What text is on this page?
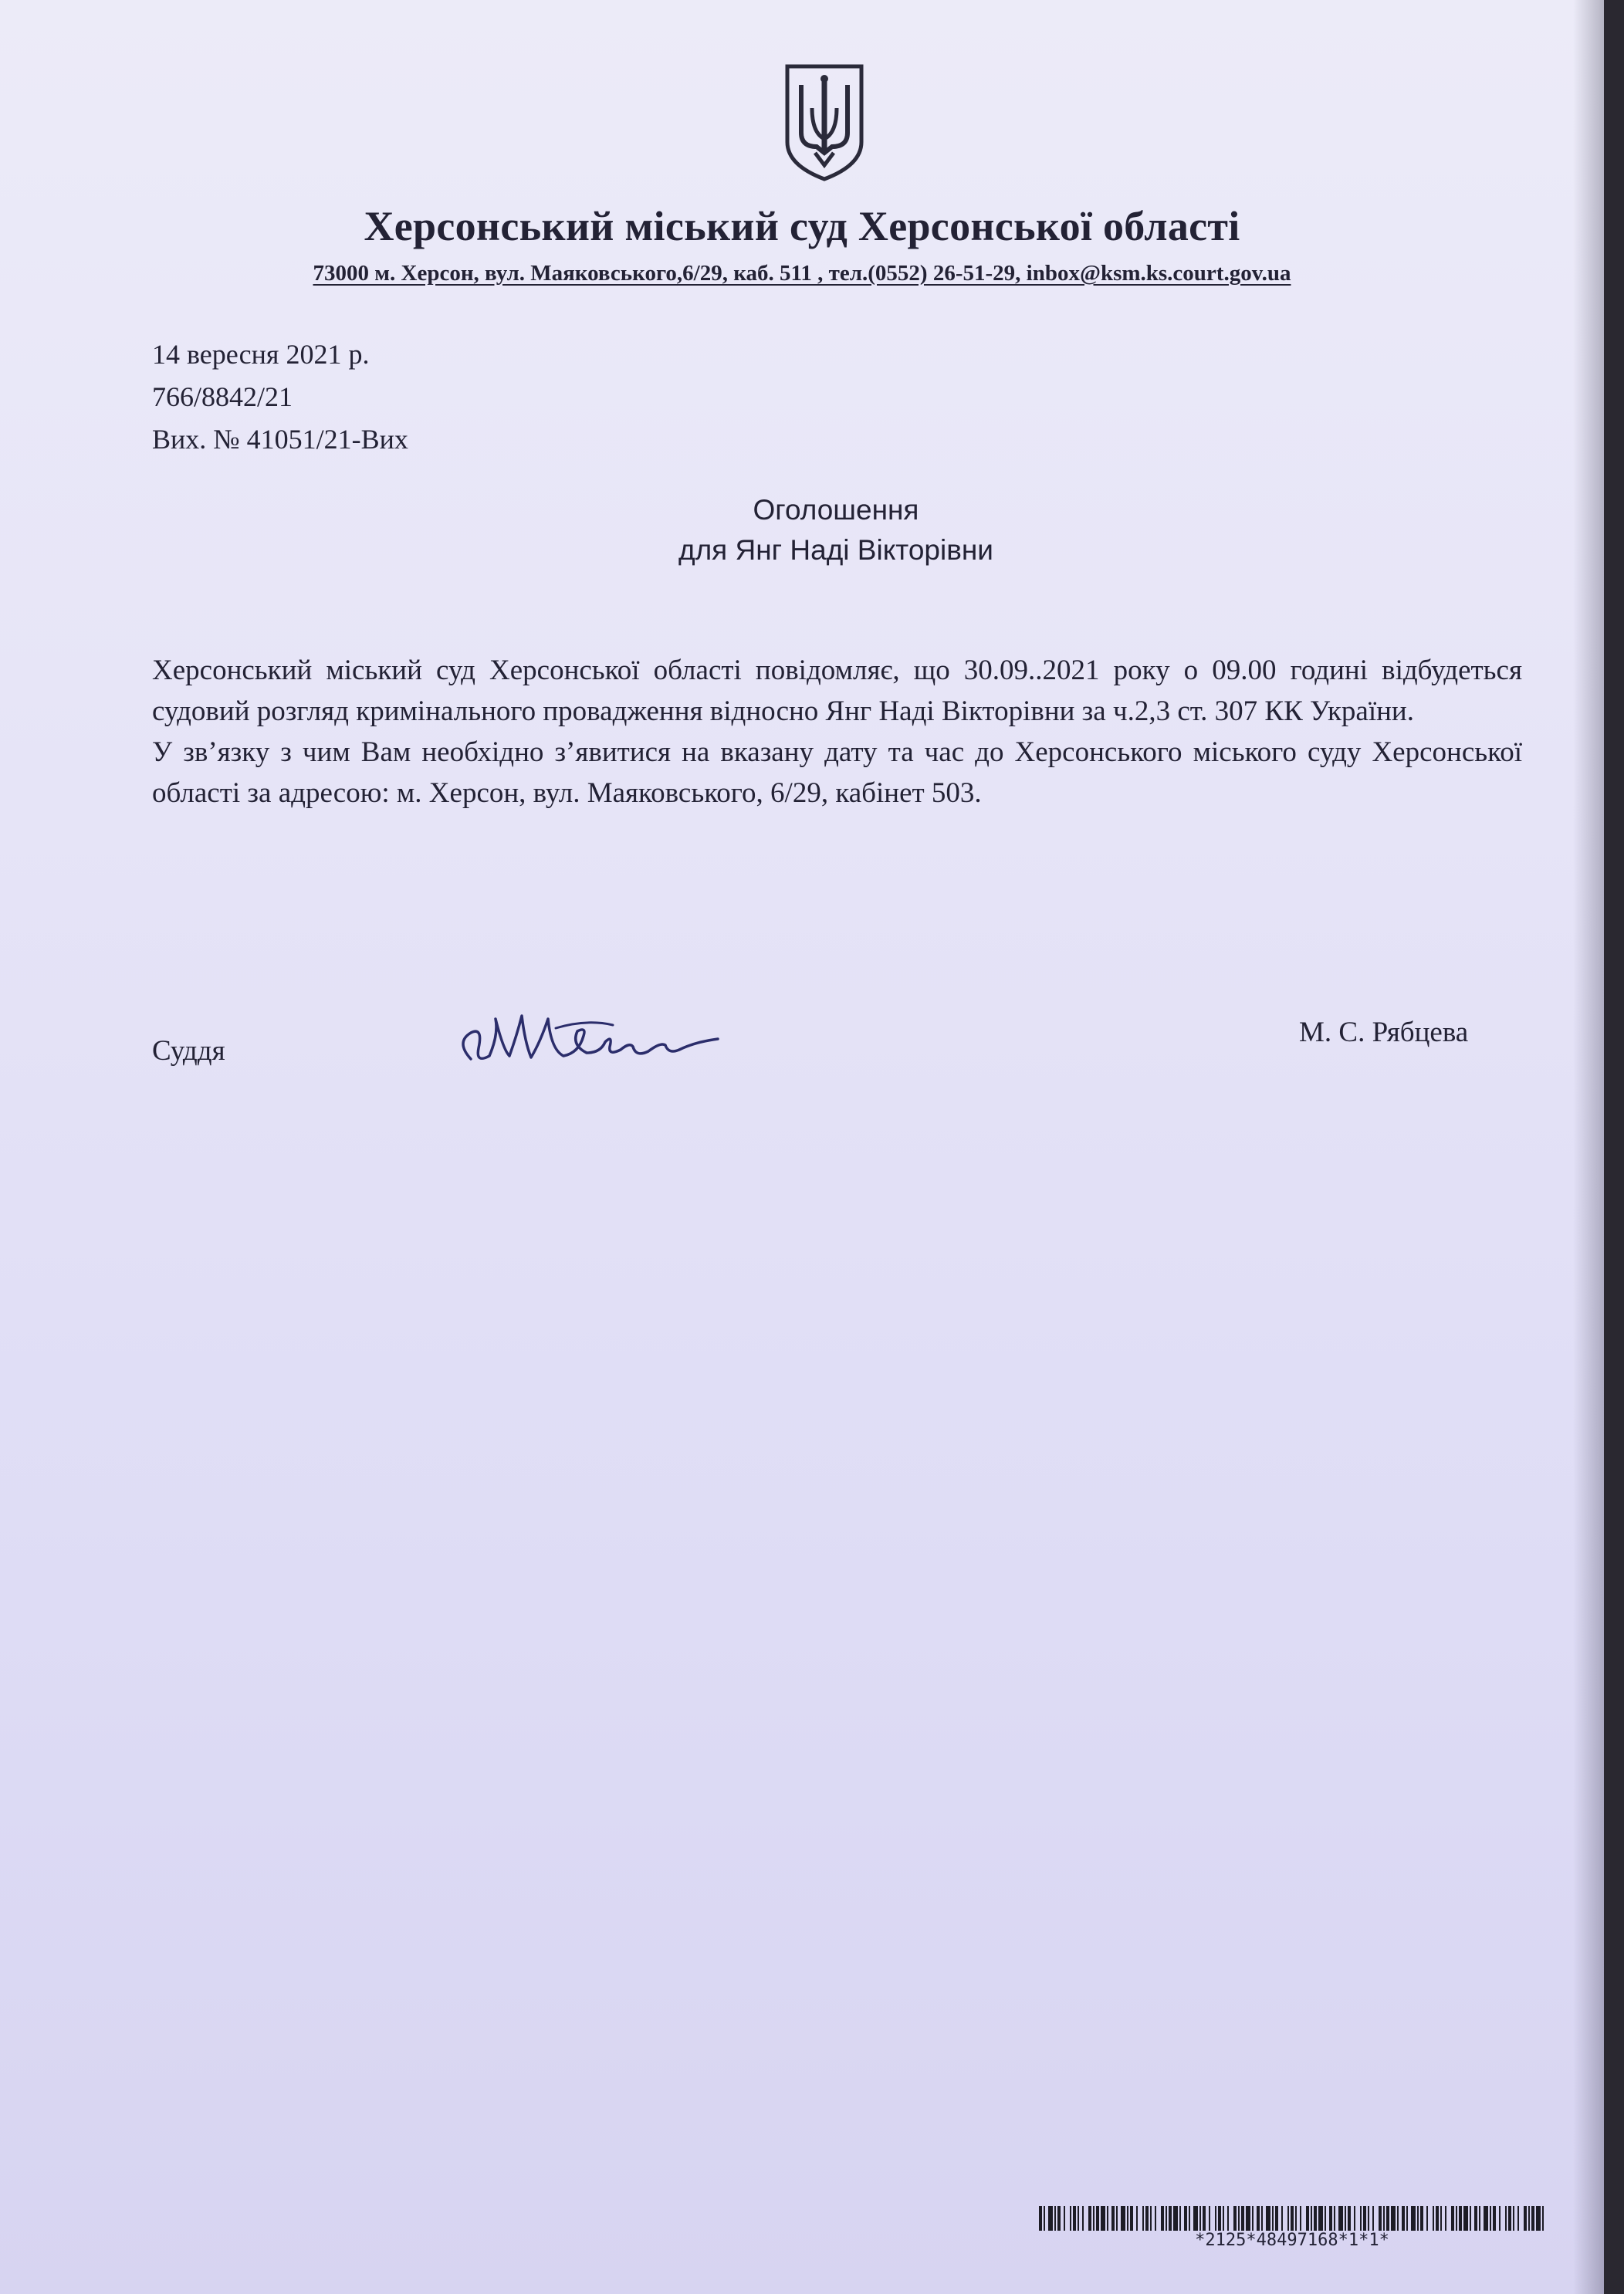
Херсонський міський суд Херсонської області
73000 м. Херсон, вул. Маяковського,6/29, каб. 511 , тел.(0552) 26-51-29, inbox@ksm.ks.court.gov.ua
14 вересня 2021 р.
766/8842/21
Вих. № 41051/21-Вих
Оголошення
для Янг Наді Вікторівни

Херсонський міський суд Херсонської області повідомляє, що 30.09..2021 року о 09.00 годині відбудеться судовий розгляд кримінального провадження відносно Янг Наді Вікторівни за ч.2,3 ст. 307 КК України.

У зв’язку з чим Вам необхідно з’явитися на вказану дату та час до Херсонського міського суду Херсонської області за адресою: м. Херсон, вул. Маяковського, 6/29, кабінет 503.

Суддя
М. С. Рябцева
*2125*48497168*1*1*
